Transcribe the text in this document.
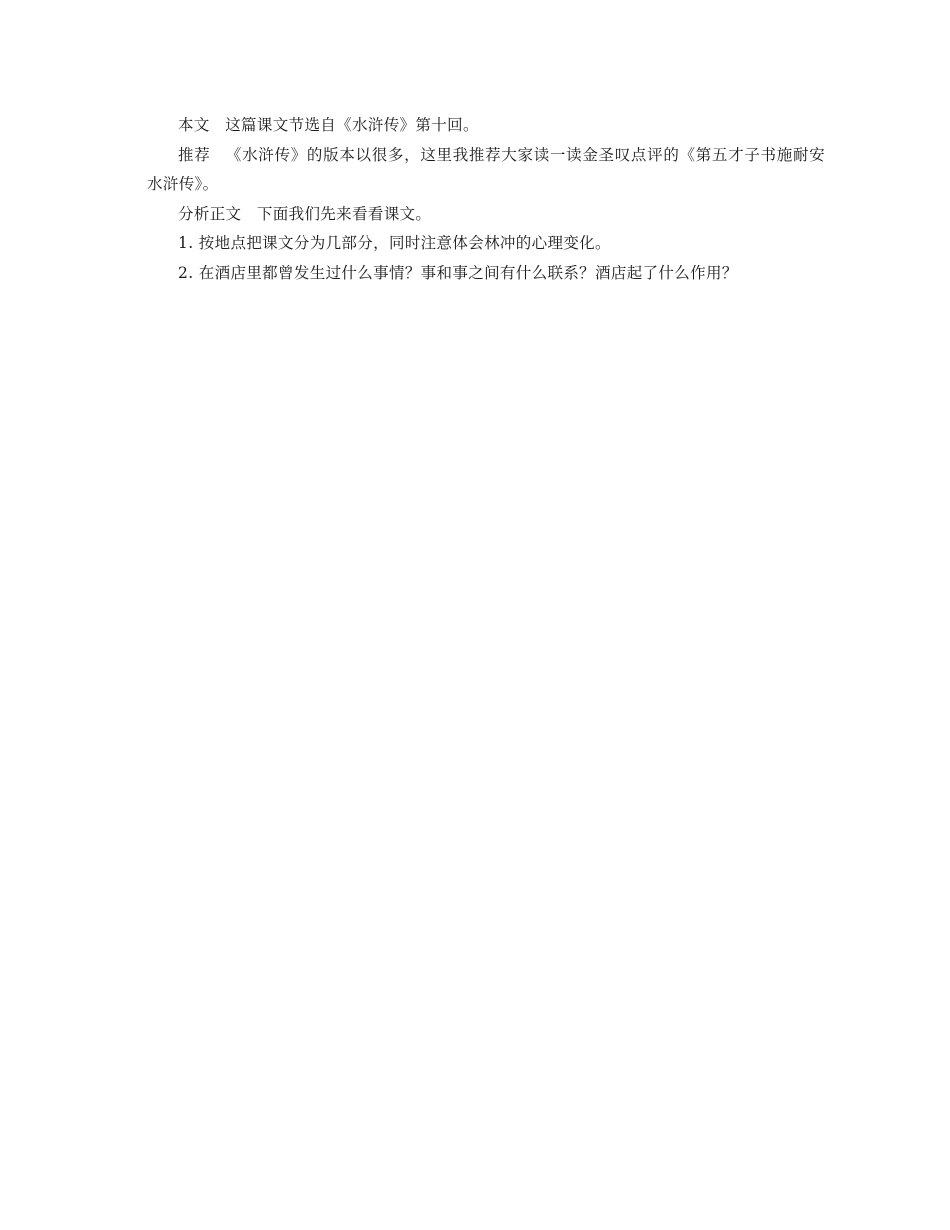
本文 这篇课文节选自《水浒传》第十回。

推荐 《水浒传》的版本以很多，这里我推荐大家读一读金圣叹点评的《第五才子书施耐安水浒传》。

分析正文 下面我们先来看看课文。

1. 按地点把课文分为几部分，同时注意体会林冲的心理变化。

2. 在酒店里都曾发生过什么事情？事和事之间有什么联系？酒店起了什么作用？
